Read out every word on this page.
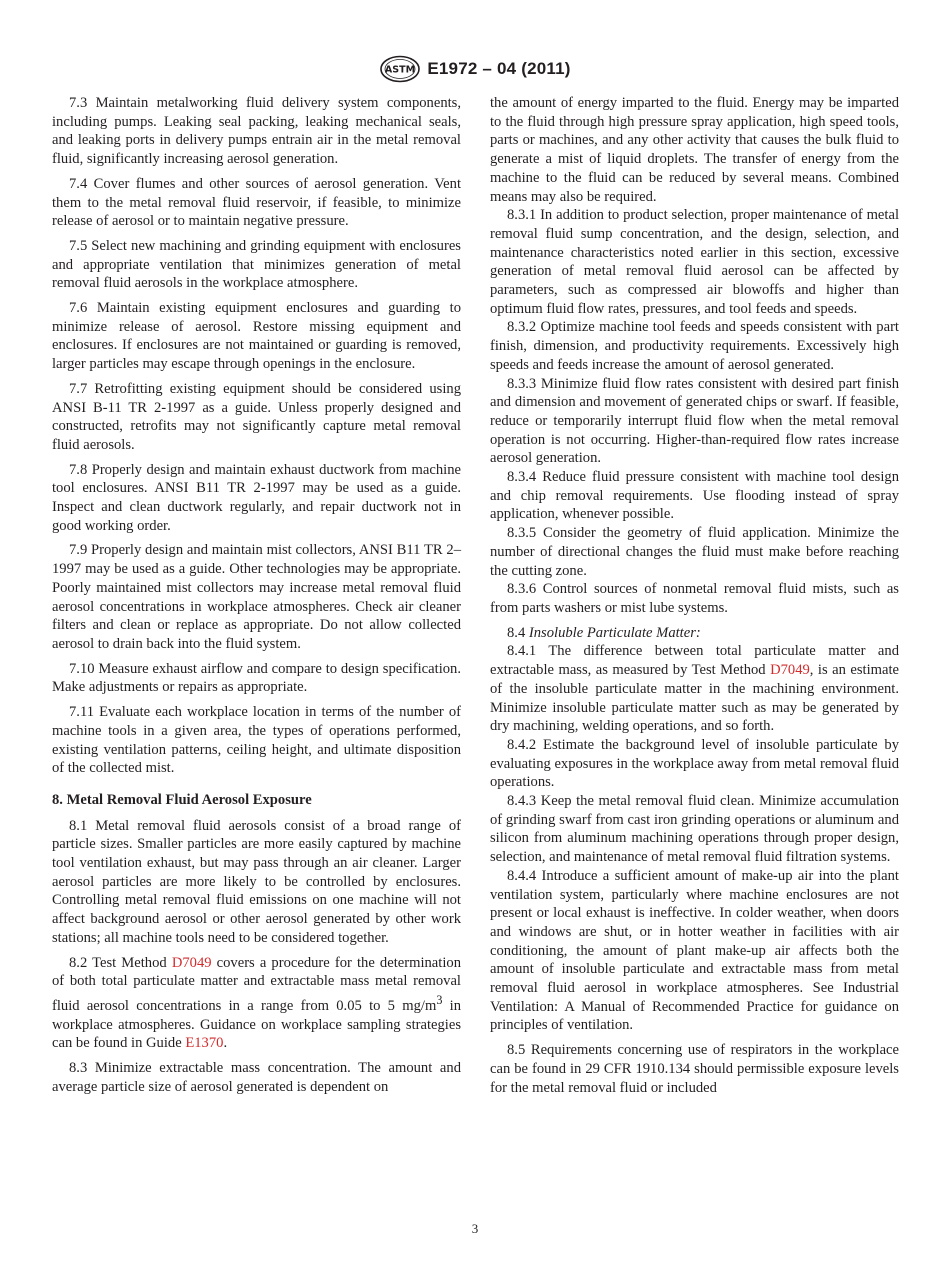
ASTM E1972 – 04 (2011)

7.3 Maintain metalworking fluid delivery system components, including pumps. Leaking seal packing, leaking mechanical seals, and leaking ports in delivery pumps entrain air in the metal removal fluid, significantly increasing aerosol generation.

7.4 Cover flumes and other sources of aerosol generation. Vent them to the metal removal fluid reservoir, if feasible, to minimize release of aerosol or to maintain negative pressure.

7.5 Select new machining and grinding equipment with enclosures and appropriate ventilation that minimizes generation of metal removal fluid aerosols in the workplace atmosphere.

7.6 Maintain existing equipment enclosures and guarding to minimize release of aerosol. Restore missing equipment and enclosures. If enclosures are not maintained or guarding is removed, larger particles may escape through openings in the enclosure.

7.7 Retrofitting existing equipment should be considered using ANSI B-11 TR 2-1997 as a guide. Unless properly designed and constructed, retrofits may not significantly capture metal removal fluid aerosols.

7.8 Properly design and maintain exhaust ductwork from machine tool enclosures. ANSI B11 TR 2-1997 may be used as a guide. Inspect and clean ductwork regularly, and repair ductwork not in good working order.

7.9 Properly design and maintain mist collectors, ANSI B11 TR 2–1997 may be used as a guide. Other technologies may be appropriate. Poorly maintained mist collectors may increase metal removal fluid aerosol concentrations in workplace atmospheres. Check air cleaner filters and clean or replace as appropriate. Do not allow collected aerosol to drain back into the fluid system.

7.10 Measure exhaust airflow and compare to design specification. Make adjustments or repairs as appropriate.

7.11 Evaluate each workplace location in terms of the number of machine tools in a given area, the types of operations performed, existing ventilation patterns, ceiling height, and ultimate disposition of the collected mist.

8. Metal Removal Fluid Aerosol Exposure

8.1 Metal removal fluid aerosols consist of a broad range of particle sizes. Smaller particles are more easily captured by machine tool ventilation exhaust, but may pass through an air cleaner. Larger aerosol particles are more likely to be controlled by enclosures. Controlling metal removal fluid emissions on one machine will not affect background aerosol or other aerosol generated by other work stations; all machine tools need to be considered together.

8.2 Test Method D7049 covers a procedure for the determination of both total particulate matter and extractable mass metal removal fluid aerosol concentrations in a range from 0.05 to 5 $mg/m^3$ in workplace atmospheres. Guidance on workplace sampling strategies can be found in Guide E1370.

8.3 Minimize extractable mass concentration. The amount and average particle size of aerosol generated is dependent on

the amount of energy imparted to the fluid. Energy may be imparted to the fluid through high pressure spray application, high speed tools, parts or machines, and any other activity that causes the bulk fluid to generate a mist of liquid droplets. The transfer of energy from the machine to the fluid can be reduced by several means. Combined means may also be required.

8.3.1 In addition to product selection, proper maintenance of metal removal fluid sump concentration, and the design, selection, and maintenance characteristics noted earlier in this section, excessive generation of metal removal fluid aerosol can be affected by parameters, such as compressed air blowoffs and higher than optimum fluid flow rates, pressures, and tool feeds and speeds.

8.3.2 Optimize machine tool feeds and speeds consistent with part finish, dimension, and productivity requirements. Excessively high speeds and feeds increase the amount of aerosol generated.

8.3.3 Minimize fluid flow rates consistent with desired part finish and dimension and movement of generated chips or swarf. If feasible, reduce or temporarily interrupt fluid flow when the metal removal operation is not occurring. Higher-than-required flow rates increase aerosol generation.

8.3.4 Reduce fluid pressure consistent with machine tool design and chip removal requirements. Use flooding instead of spray application, whenever possible.

8.3.5 Consider the geometry of fluid application. Minimize the number of directional changes the fluid must make before reaching the cutting zone.

8.3.6 Control sources of nonmetal removal fluid mists, such as from parts washers or mist lube systems.

8.4 Insoluble Particulate Matter:

8.4.1 The difference between total particulate matter and extractable mass, as measured by Test Method D7049, is an estimate of the insoluble particulate matter in the machining environment. Minimize insoluble particulate matter such as may be generated by dry machining, welding operations, and so forth.

8.4.2 Estimate the background level of insoluble particulate by evaluating exposures in the workplace away from metal removal fluid operations.

8.4.3 Keep the metal removal fluid clean. Minimize accumulation of grinding swarf from cast iron grinding operations or aluminum and silicon from aluminum machining operations through proper design, selection, and maintenance of metal removal fluid filtration systems.

8.4.4 Introduce a sufficient amount of make-up air into the plant ventilation system, particularly where machine enclosures are not present or local exhaust is ineffective. In colder weather, when doors and windows are shut, or in hotter weather in facilities with air conditioning, the amount of plant make-up air affects both the amount of insoluble particulate and extractable mass from metal removal fluid aerosol in workplace atmospheres. See Industrial Ventilation: A Manual of Recommended Practice for guidance on principles of ventilation.

8.5 Requirements concerning use of respirators in the workplace can be found in 29 CFR 1910.134 should permissible exposure levels for the metal removal fluid or included

3
